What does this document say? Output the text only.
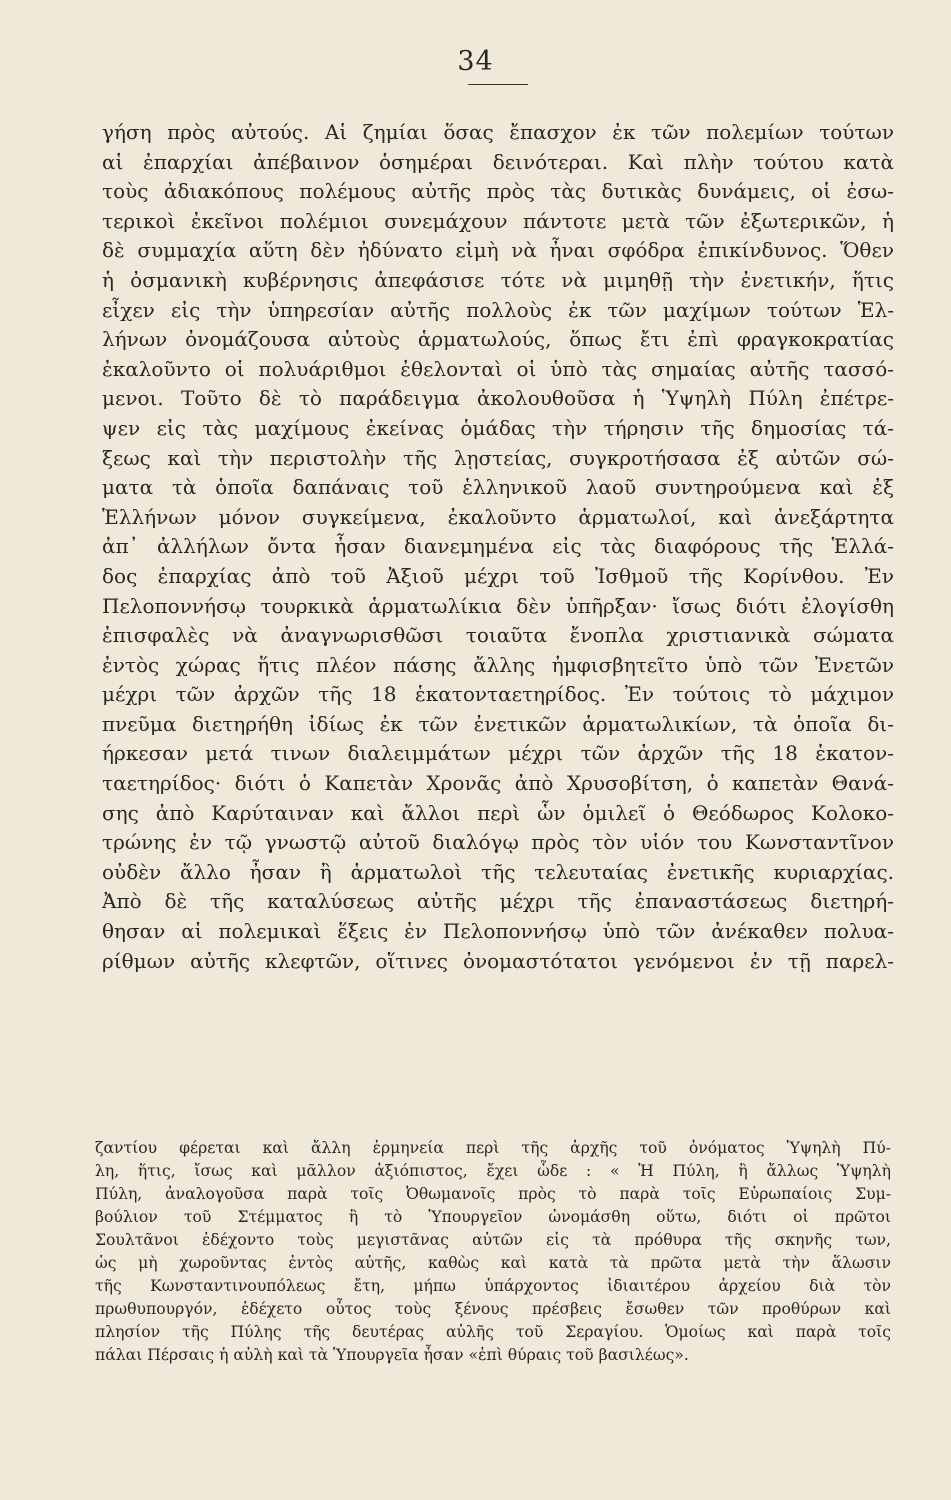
34
γήση πρὸς αὐτούς. Αἱ ζημίαι ὅσας ἔπασχον ἐκ τῶν πολεμίων τούτων
αἱ ἐπαρχίαι ἀπέβαινον ὁσημέραι δεινότεραι. Καὶ πλὴν τούτου κατὰ
τοὺς ἀδιακόπους πολέμους αὐτῆς πρὸς τὰς δυτικὰς δυνάμεις, οἱ ἐσω-
τερικοὶ ἐκεῖνοι πολέμιοι συνεμάχουν πάντοτε μετὰ τῶν ἐξωτερικῶν, ἡ
δὲ συμμαχία αὕτη δὲν ἠδύνατο εἰμὴ νὰ ἦναι σφόδρα ἐπικίνδυνος. Ὅθεν
ἡ ὀσμανικὴ κυβέρνησις ἀπεφάσισε τότε νὰ μιμηθῇ τὴν ἐνετικήν, ἥτις
εἶχεν εἰς τὴν ὑπηρεσίαν αὐτῆς πολλοὺς ἐκ τῶν μαχίμων τούτων Ἑλ-
λήνων ὀνομάζουσα αὐτοὺς ἁρματωλούς, ὅπως ἔτι ἐπὶ φραγκοκρατίας
ἐκαλοῦντο οἱ πολυάριθμοι ἐθελονταὶ οἱ ὑπὸ τὰς σημαίας αὐτῆς τασσό-
μενοι. Τοῦτο δὲ τὸ παράδειγμα ἀκολουθοῦσα ἡ Ὑψηλὴ Πύλη ἐπέτρε-
ψεν εἰς τὰς μαχίμους ἐκείνας ὁμάδας τὴν τήρησιν τῆς δημοσίας τά-
ξεως καὶ τὴν περιστολὴν τῆς λῃστείας, συγκροτήσασα ἐξ αὐτῶν σώ-
ματα τὰ ὁποῖα δαπάναις τοῦ ἑλληνικοῦ λαοῦ συντηρούμενα καὶ ἐξ
Ἑλλήνων μόνον συγκείμενα, ἐκαλοῦντο ἁρματωλοί, καὶ ἀνεξάρτητα
ἀπ᾿ ἀλλήλων ὄντα ἦσαν διανεμημένα εἰς τὰς διαφόρους τῆς Ἑλλά-
δος ἐπαρχίας ἀπὸ τοῦ Ἀξιοῦ μέχρι τοῦ Ἰσθμοῦ τῆς Κορίνθου. Ἐν
Πελοποννήσῳ τουρκικὰ ἁρματωλίκια δὲν ὑπῆρξαν· ἴσως διότι ἐλογίσθη
ἐπισφαλὲς νὰ ἀναγνωρισθῶσι τοιαῦτα ἔνοπλα χριστιανικὰ σώματα
ἐντὸς χώρας ἥτις πλέον πάσης ἄλλης ἠμφισβητεῖτο ὑπὸ τῶν Ἐνετῶν
μέχρι τῶν ἀρχῶν τῆς 18 ἑκατονταετηρίδος. Ἐν τούτοις τὸ μάχιμον
πνεῦμα διετηρήθη ἰδίως ἐκ τῶν ἐνετικῶν ἁρματωλικίων, τὰ ὁποῖα δι-
ήρκεσαν μετά τινων διαλειμμάτων μέχρι τῶν ἀρχῶν τῆς 18 ἑκατον-
ταετηρίδος· διότι ὁ Καπετὰν Χρονᾶς ἀπὸ Χρυσοβίτση, ὁ καπετὰν Θανά-
σης ἀπὸ Καρύταιναν καὶ ἄλλοι περὶ ὧν ὁμιλεῖ ὁ Θεόδωρος Κολοκο-
τρώνης ἐν τῷ γνωστῷ αὐτοῦ διαλόγῳ πρὸς τὸν υἱόν του Κωνσταντῖνον
οὐδὲν ἄλλο ἦσαν ἢ ἁρματωλοὶ τῆς τελευταίας ἐνετικῆς κυριαρχίας.
Ἀπὸ δὲ τῆς καταλύσεως αὐτῆς μέχρι τῆς ἐπαναστάσεως διετηρή-
θησαν αἱ πολεμικαὶ ἕξεις ἐν Πελοποννήσῳ ὑπὸ τῶν ἀνέκαθεν πολυα-
ρίθμων αὐτῆς κλεφτῶν, οἵτινες ὀνομαστότατοι γενόμενοι ἐν τῇ παρελ-
ζαντίου φέρεται καὶ ἄλλη ἑρμηνεία περὶ τῆς ἀρχῆς τοῦ ὀνόματος Ὑψηλὴ Πύ-
λη, ἥτις, ἴσως καὶ μᾶλλον ἀξιόπιστος, ἔχει ὧδε : « Ἡ Πύλη, ἢ ἄλλως Ὑψηλὴ
Πύλη, ἀναλογοῦσα παρὰ τοῖς Ὀθωμανοῖς πρὸς τὸ παρὰ τοῖς Εὐρωπαίοις Συμ-
βούλιον τοῦ Στέμματος ἢ τὸ Ὑπουργεῖον ὠνομάσθη οὕτω, διότι οἱ πρῶτοι
Σουλτᾶνοι ἐδέχοντο τοὺς μεγιστᾶνας αὐτῶν εἰς τὰ πρόθυρα τῆς σκηνῆς των,
ὡς μὴ χωροῦντας ἐντὸς αὐτῆς, καθὼς καὶ κατὰ τὰ πρῶτα μετὰ τὴν ἅλωσιν
τῆς Κωνσταντινουπόλεως ἔτη, μήπω ὑπάρχοντος ἰδιαιτέρου ἀρχείου διὰ τὸν
πρωθυπουργόν, ἐδέχετο οὗτος τοὺς ξένους πρέσβεις ἔσωθεν τῶν προθύρων καὶ
πλησίον τῆς Πύλης τῆς δευτέρας αὐλῆς τοῦ Σεραγίου. Ὁμοίως καὶ παρὰ τοῖς
πάλαι Πέρσαις ἡ αὐλὴ καὶ τὰ Ὑπουργεῖα ἦσαν «ἐπὶ θύραις τοῦ βασιλέως».
